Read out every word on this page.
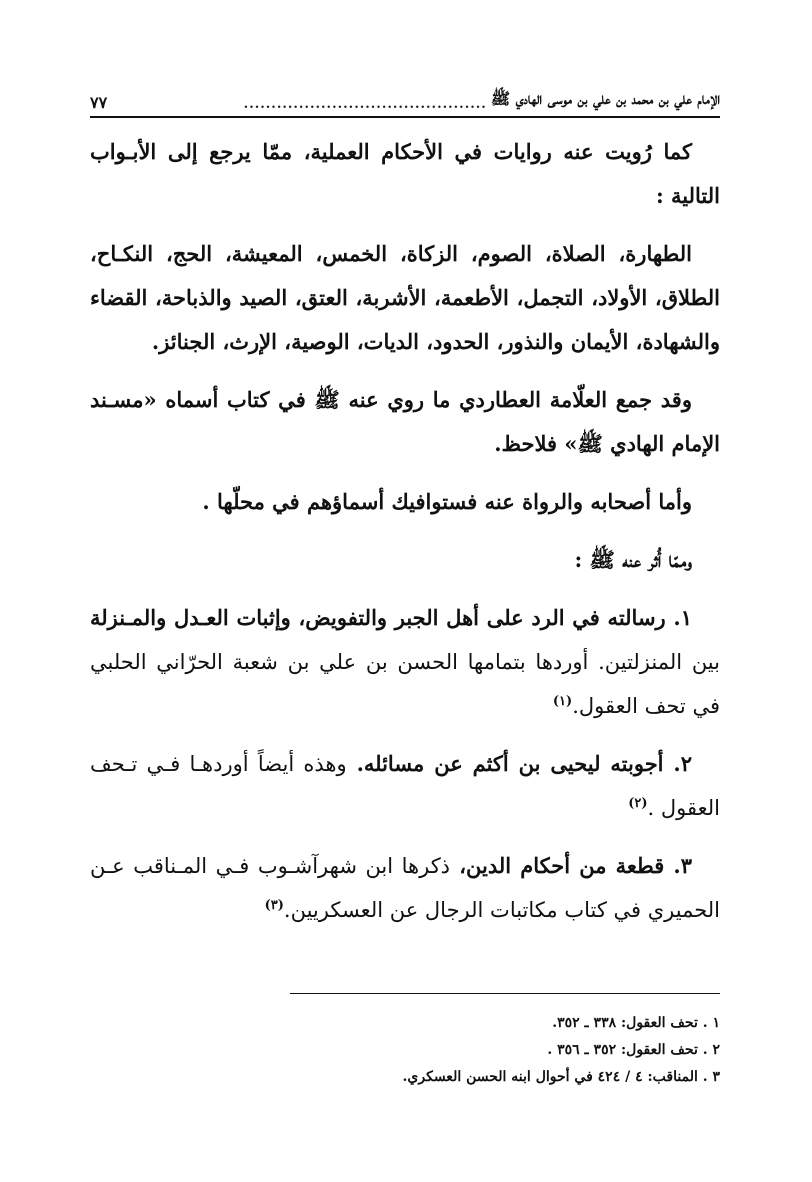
الإمام علي بن محمد بن علي بن موسى الهادي ﷺ
............................................
٧٧

كما رُويت عنه روايات في الأحكام العملية، ممّا يرجع إلى الأبـواب التالية :

الطهارة، الصلاة، الصوم، الزكاة، الخمس، المعيشة، الحج، النكـاح، الطلاق، الأولاد، التجمل، الأطعمة، الأشربة، العتق، الصيد والذباحة، القضاء والشهادة، الأيمان والنذور، الحدود، الديات، الوصية، الإرث، الجنائز.

وقد جمع العلّامة العطاردي ما روي عنه ﷺ في كتاب أسماه «مسـند الإمام الهادي ﷺ» فلاحظ.

وأما أصحابه والرواة عنه فستوافيك أسماؤهم في محلّها .

وممّا أُثر عنه ﷺ :

١. رسالته في الرد على أهل الجبر والتفويض، وإثبات العـدل والمـنزلة بين المنزلتين. أوردها بتمامها الحسن بن علي بن شعبة الحرّاني الحلبي في تحف العقول.$^{(١)}$

٢. أجوبته ليحيى بن أكثم عن مسائله. وهذه أيضاً أوردهـا فـي تـحف العقول .$^{(٢)}$

٣. قطعة من أحكام الدين، ذكرها ابن شهرآشـوب فـي المـناقب عـن الحميري في كتاب مكاتبات الرجال عن العسكريين.$^{(٣)}$

١ . تحف العقول: ٣٣٨ ـ ٣٥٢.
٢ . تحف العقول: ٣٥٢ ـ ٣٥٦ .
٣ . المناقب: ٤ / ٤٢٤ في أحوال ابنه الحسن العسكري.
